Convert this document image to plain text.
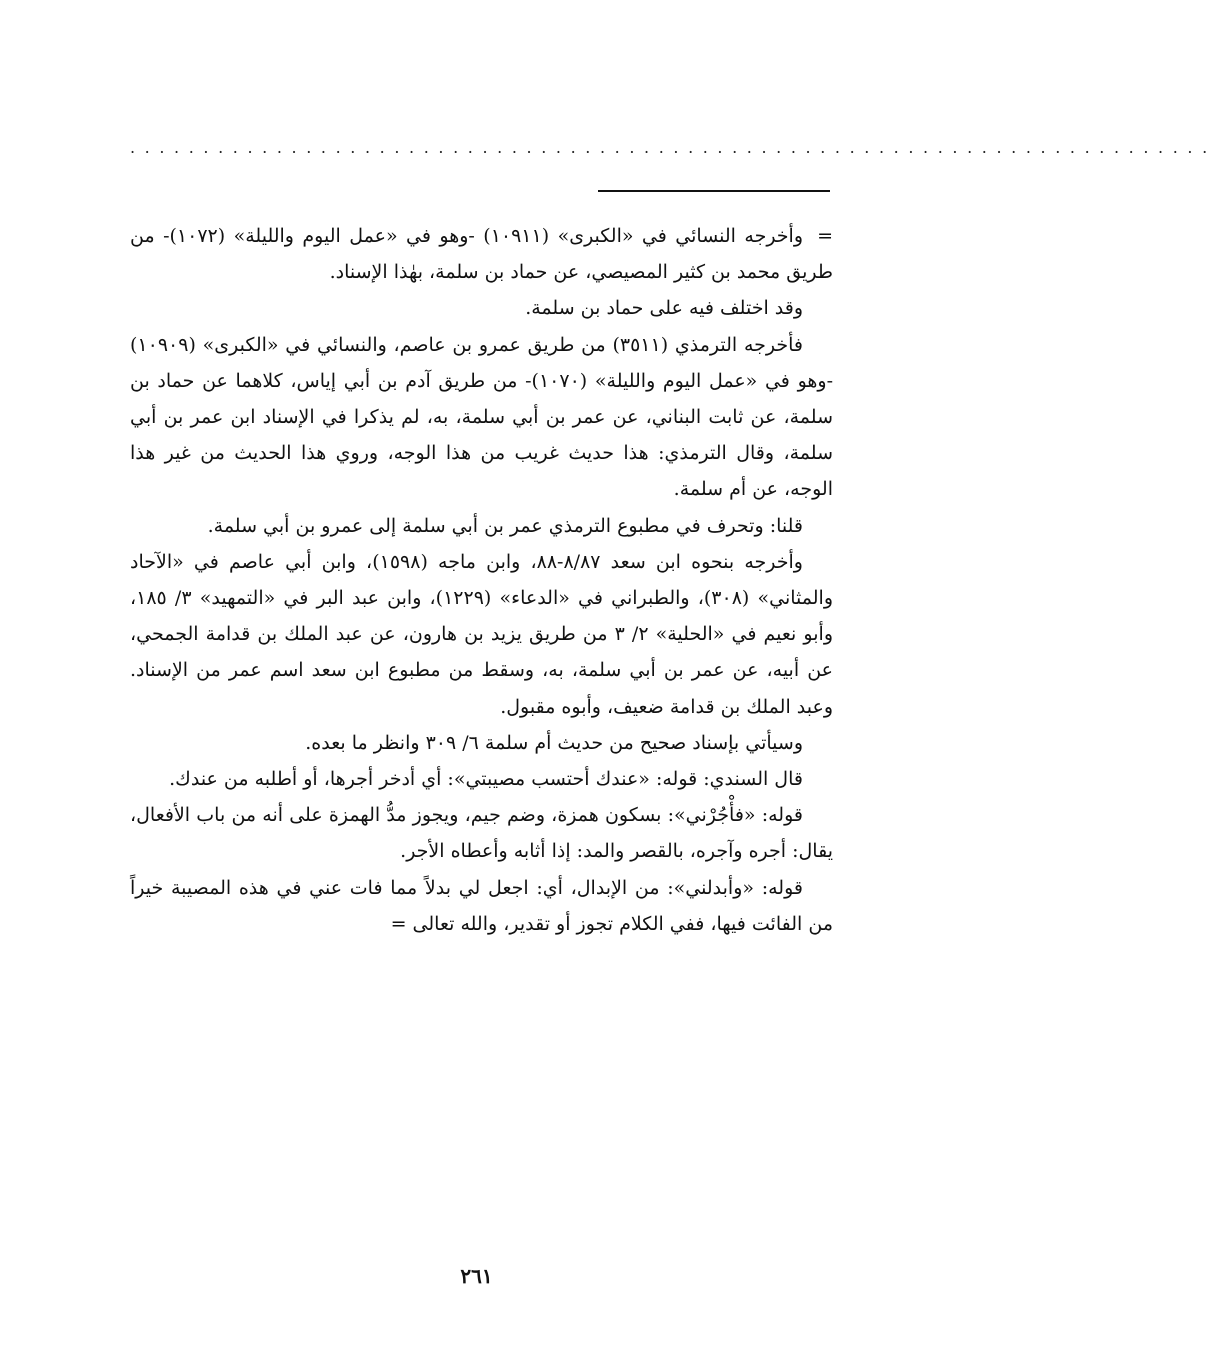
..........................................................................

=وأخرجه النسائي في «الكبرى» (١٠٩١١) -وهو في «عمل اليوم والليلة» (١٠٧٢)- من طريق محمد بن كثير المصيصي، عن حماد بن سلمة، بهٰذا الإسناد.

وقد اختلف فيه على حماد بن سلمة.

فأخرجه الترمذي (٣٥١١) من طريق عمرو بن عاصم، والنسائي في «الكبرى» (١٠٩٠٩) -وهو في «عمل اليوم والليلة» (١٠٧٠)- من طريق آدم بن أبي إياس، كلاهما عن حماد بن سلمة، عن ثابت البناني، عن عمر بن أبي سلمة، به، لم يذكرا في الإسناد ابن عمر بن أبي سلمة، وقال الترمذي: هذا حديث غريب من هذا الوجه، وروي هذا الحديث من غير هذا الوجه، عن أم سلمة.

قلنا: وتحرف في مطبوع الترمذي عمر بن أبي سلمة إلى عمرو بن أبي سلمة.

وأخرجه بنحوه ابن سعد ٨/٨٧-٨٨، وابن ماجه (١٥٩٨)، وابن أبي عاصم في «الآحاد والمثاني» (٣٠٨)، والطبراني في «الدعاء» (١٢٢٩)، وابن عبد البر في «التمهيد» ٣/ ١٨٥، وأبو نعيم في «الحلية» ٢/ ٣ من طريق يزيد بن هارون، عن عبد الملك بن قدامة الجمحي، عن أبيه، عن عمر بن أبي سلمة، به، وسقط من مطبوع ابن سعد اسم عمر من الإسناد. وعبد الملك بن قدامة ضعيف، وأبوه مقبول.

وسيأتي بإسناد صحيح من حديث أم سلمة ٦/ ٣٠٩ وانظر ما بعده.

قال السندي: قوله: «عندك أحتسب مصيبتي»: أي أدخر أجرها، أو أطلبه من عندك.

قوله: «فأْجُرْني»: بسكون همزة، وضم جيم، ويجوز مدُّ الهمزة على أنه من باب الأفعال، يقال: أجره وآجره، بالقصر والمد: إذا أثابه وأعطاه الأجر.

قوله: «وأبدلني»: من الإبدال، أي: اجعل لي بدلاً مما فات عني في هذه المصيبة خيراً من الفائت فيها، ففي الكلام تجوز أو تقدير، والله تعالى =

٢٦١
